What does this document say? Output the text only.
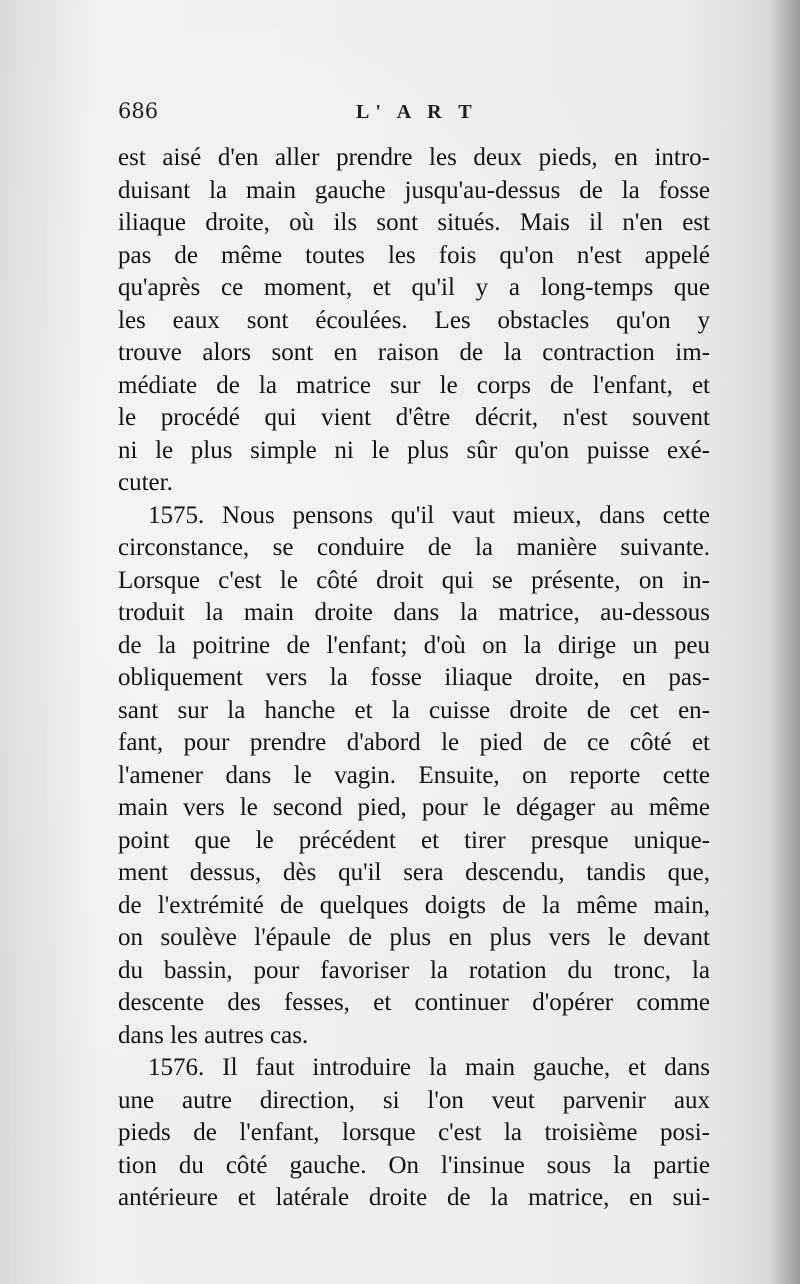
686	L' A R T
est aisé d'en aller prendre les deux pieds, en intro-
duisant la main gauche jusqu'au-dessus de la fosse
iliaque droite, où ils sont situés. Mais il n'en est
pas de même toutes les fois qu'on n'est appelé
qu'après ce moment, et qu'il y a long-temps que
les eaux sont écoulées. Les obstacles qu'on y
trouve alors sont en raison de la contraction im-
médiate de la matrice sur le corps de l'enfant, et
le procédé qui vient d'être décrit, n'est souvent
ni le plus simple ni le plus sûr qu'on puisse exé-
cuter.
1575. Nous pensons qu'il vaut mieux, dans cette
circonstance, se conduire de la manière suivante.
Lorsque c'est le côté droit qui se présente, on in-
troduit la main droite dans la matrice, au-dessous
de la poitrine de l'enfant; d'où on la dirige un peu
obliquement vers la fosse iliaque droite, en pas-
sant sur la hanche et la cuisse droite de cet en-
fant, pour prendre d'abord le pied de ce côté et
l'amener dans le vagin. Ensuite, on reporte cette
main vers le second pied, pour le dégager au même
point que le précédent et tirer presque unique-
ment dessus, dès qu'il sera descendu, tandis que,
de l'extrémité de quelques doigts de la même main,
on soulève l'épaule de plus en plus vers le devant
du bassin, pour favoriser la rotation du tronc, la
descente des fesses, et continuer d'opérer comme
dans les autres cas.
1576. Il faut introduire la main gauche, et dans
une autre direction, si l'on veut parvenir aux
pieds de l'enfant, lorsque c'est la troisième posi-
tion du côté gauche. On l'insinue sous la partie
antérieure et latérale droite de la matrice, en sui-
